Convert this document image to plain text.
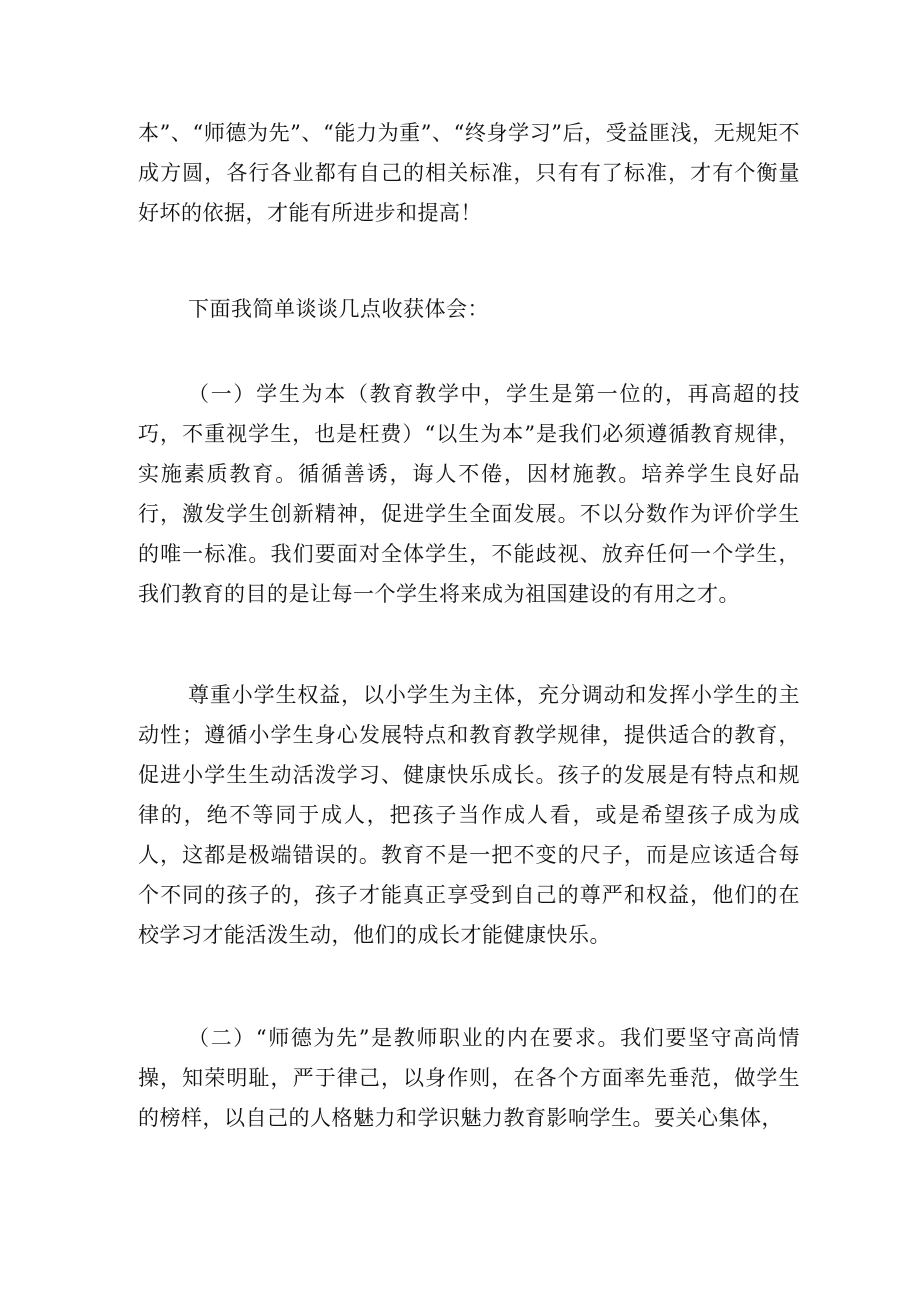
本”、“师德为先”、“能力为重”、“终身学习”后，受益匪浅，无规矩不成方圆，各行各业都有自己的相关标准，只有有了标准，才有个衡量好坏的依据，才能有所进步和提高！

下面我简单谈谈几点收获体会：

（一）学生为本（教育教学中，学生是第一位的，再高超的技巧，不重视学生，也是枉费）“以生为本”是我们必须遵循教育规律，实施素质教育。循循善诱，诲人不倦，因材施教。培养学生良好品行，激发学生创新精神，促进学生全面发展。不以分数作为评价学生的唯一标准。我们要面对全体学生，不能歧视、放弃任何一个学生，我们教育的目的是让每一个学生将来成为祖国建设的有用之才。

尊重小学生权益，以小学生为主体，充分调动和发挥小学生的主动性；遵循小学生身心发展特点和教育教学规律，提供适合的教育，促进小学生生动活泼学习、健康快乐成长。孩子的发展是有特点和规律的，绝不等同于成人，把孩子当作成人看，或是希望孩子成为成人，这都是极端错误的。教育不是一把不变的尺子，而是应该适合每个不同的孩子的，孩子才能真正享受到自己的尊严和权益，他们的在校学习才能活泼生动，他们的成长才能健康快乐。

（二）“师德为先”是教师职业的内在要求。我们要坚守高尚情操，知荣明耻，严于律己，以身作则，在各个方面率先垂范，做学生的榜样，以自己的人格魅力和学识魅力教育影响学生。要关心集体，
